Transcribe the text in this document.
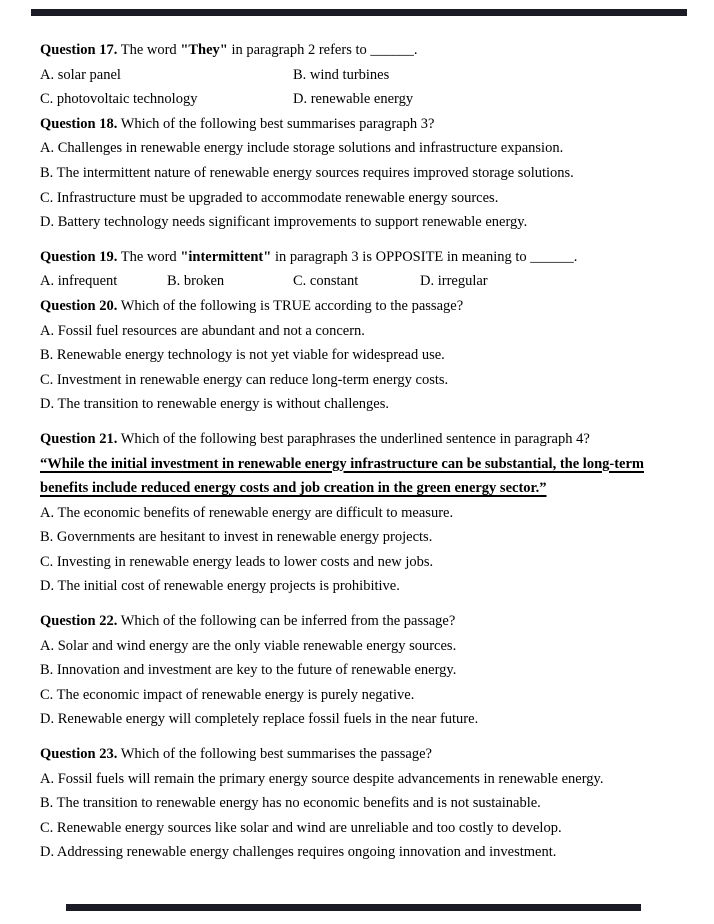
Question 17. The word "They" in paragraph 2 refers to ______.

A. solar panel	B. wind turbines

C. photovoltaic technology	D. renewable energy

Question 18. Which of the following best summarises paragraph 3?

A. Challenges in renewable energy include storage solutions and infrastructure expansion.

B. The intermittent nature of renewable energy sources requires improved storage solutions.

C. Infrastructure must be upgraded to accommodate renewable energy sources.

D. Battery technology needs significant improvements to support renewable energy.

Question 19. The word "intermittent" in paragraph 3 is OPPOSITE in meaning to ______.

A. infrequent	B. broken	C. constant	D. irregular

Question 20. Which of the following is TRUE according to the passage?

A. Fossil fuel resources are abundant and not a concern.

B. Renewable energy technology is not yet viable for widespread use.

C. Investment in renewable energy can reduce long-term energy costs.

D. The transition to renewable energy is without challenges.

Question 21. Which of the following best paraphrases the underlined sentence in paragraph 4?

“While the initial investment in renewable energy infrastructure can be substantial, the long-term

benefits include reduced energy costs and job creation in the green energy sector.”

A. The economic benefits of renewable energy are difficult to measure.

B. Governments are hesitant to invest in renewable energy projects.

C. Investing in renewable energy leads to lower costs and new jobs.

D. The initial cost of renewable energy projects is prohibitive.

Question 22. Which of the following can be inferred from the passage?

A. Solar and wind energy are the only viable renewable energy sources.

B. Innovation and investment are key to the future of renewable energy.

C. The economic impact of renewable energy is purely negative.

D. Renewable energy will completely replace fossil fuels in the near future.

Question 23. Which of the following best summarises the passage?

A. Fossil fuels will remain the primary energy source despite advancements in renewable energy.

B. The transition to renewable energy has no economic benefits and is not sustainable.

C. Renewable energy sources like solar and wind are unreliable and too costly to develop.

D. Addressing renewable energy challenges requires ongoing innovation and investment.
